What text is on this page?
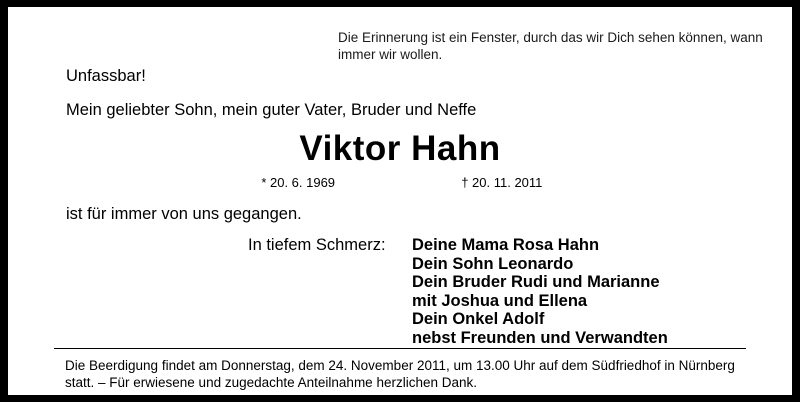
Die Erinnerung ist ein Fenster, durch das wir Dich sehen können, wann immer wir wollen.
Unfassbar!
Mein geliebter Sohn, mein guter Vater, Bruder und Neffe
Viktor Hahn
* 20. 6. 1969	† 20. 11. 2011
ist für immer von uns gegangen.
In tiefem Schmerz: Deine Mama Rosa Hahn
Dein Sohn Leonardo
Dein Bruder Rudi und Marianne
mit Joshua und Ellena
Dein Onkel Adolf
nebst Freunden und Verwandten
Die Beerdigung findet am Donnerstag, dem 24. November 2011, um 13.00 Uhr auf dem Südfriedhof in Nürnberg statt. – Für erwiesene und zugedachte Anteilnahme herzlichen Dank.
